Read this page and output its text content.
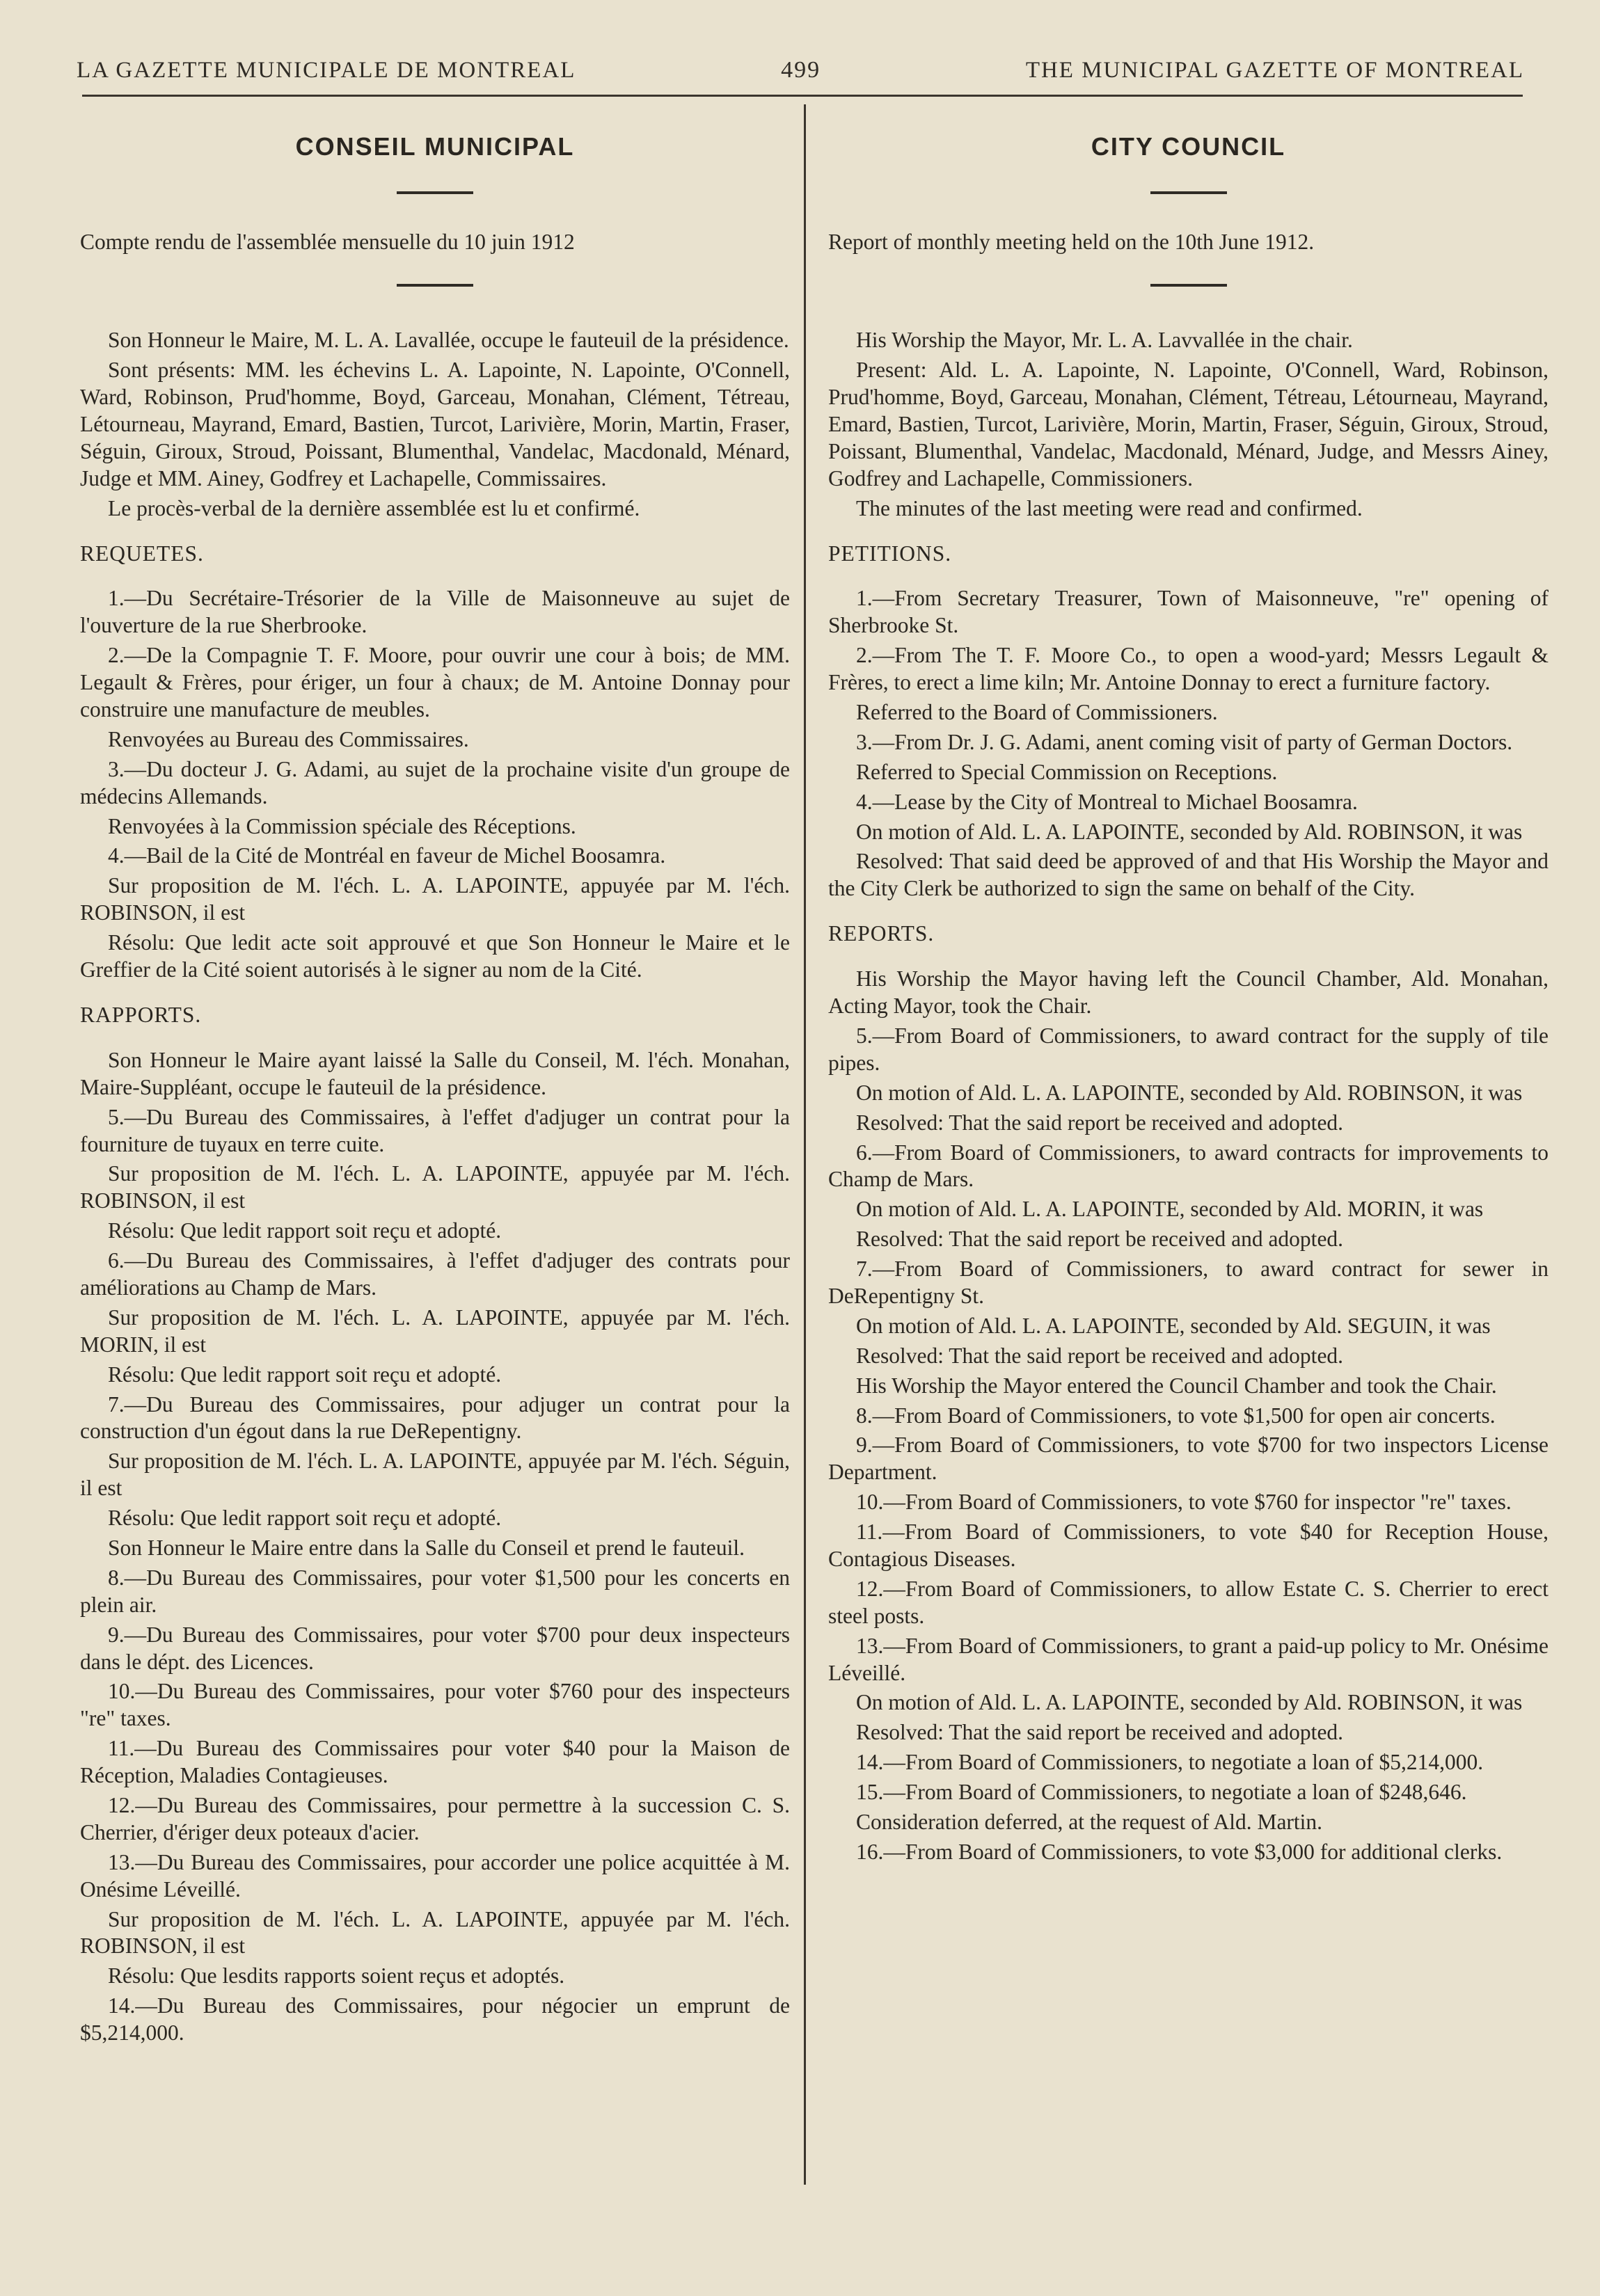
LA GAZETTE MUNICIPALE DE MONTREAL	499	THE MUNICIPAL GAZETTE OF MONTREAL
CONSEIL MUNICIPAL

Compte rendu de l'assemblée mensuelle du 10 juin 1912

Son Honneur le Maire, M. L. A. Lavallée, occupe le fauteuil de la présidence.

Sont présents: MM. les échevins L. A. Lapointe, N. Lapointe, O'Connell, Ward, Robinson, Prud'homme, Boyd, Garceau, Monahan, Clément, Tétreau, Létourneau, Mayrand, Emard, Bastien, Turcot, Larivière, Morin, Martin, Fraser, Séguin, Giroux, Stroud, Poissant, Blumenthal, Vandelac, Macdonald, Ménard, Judge et MM. Ainey, Godfrey et Lachapelle, Commissaires.

Le procès-verbal de la dernière assemblée est lu et confirmé.

REQUETES.

1.—Du Secrétaire-Trésorier de la Ville de Maisonneuve au sujet de l'ouverture de la rue Sherbrooke.

2.—De la Compagnie T. F. Moore, pour ouvrir une cour à bois; de MM. Legault & Frères, pour ériger, un four à chaux; de M. Antoine Donnay pour construire une manufacture de meubles.

Renvoyées au Bureau des Commissaires.

3.—Du docteur J. G. Adami, au sujet de la prochaine visite d'un groupe de médecins Allemands.

Renvoyées à la Commission spéciale des Réceptions.

4.—Bail de la Cité de Montréal en faveur de Michel Boosamra.

Sur proposition de M. l'éch. L. A. LAPOINTE, appuyée par M. l'éch. ROBINSON, il est

Résolu: Que ledit acte soit approuvé et que Son Honneur le Maire et le Greffier de la Cité soient autorisés à le signer au nom de la Cité.

RAPPORTS.

Son Honneur le Maire ayant laissé la Salle du Conseil, M. l'éch. Monahan, Maire-Suppléant, occupe le fauteuil de la présidence.

5.—Du Bureau des Commissaires, à l'effet d'adjuger un contrat pour la fourniture de tuyaux en terre cuite.

Sur proposition de M. l'éch. L. A. LAPOINTE, appuyée par M. l'éch. ROBINSON, il est

Résolu: Que ledit rapport soit reçu et adopté.

6.—Du Bureau des Commissaires, à l'effet d'adjuger des contrats pour améliorations au Champ de Mars.

Sur proposition de M. l'éch. L. A. LAPOINTE, appuyée par M. l'éch. MORIN, il est

Résolu: Que ledit rapport soit reçu et adopté.

7.—Du Bureau des Commissaires, pour adjuger un contrat pour la construction d'un égout dans la rue DeRepentigny.

Sur proposition de M. l'éch. L. A. LAPOINTE, appuyée par M. l'éch. Séguin, il est

Résolu: Que ledit rapport soit reçu et adopté.

Son Honneur le Maire entre dans la Salle du Conseil et prend le fauteuil.

8.—Du Bureau des Commissaires, pour voter $1,500 pour les concerts en plein air.

9.—Du Bureau des Commissaires, pour voter $700 pour deux inspecteurs dans le dépt. des Licences.

10.—Du Bureau des Commissaires, pour voter $760 pour des inspecteurs "re" taxes.

11.—Du Bureau des Commissaires pour voter $40 pour la Maison de Réception, Maladies Contagieuses.

12.—Du Bureau des Commissaires, pour permettre à la succession C. S. Cherrier, d'ériger deux poteaux d'acier.

13.—Du Bureau des Commissaires, pour accorder une police acquittée à M. Onésime Léveillé.

Sur proposition de M. l'éch. L. A. LAPOINTE, appuyée par M. l'éch. ROBINSON, il est

Résolu: Que lesdits rapports soient reçus et adoptés.

14.—Du Bureau des Commissaires, pour négocier un emprunt de $5,214,000.

CITY COUNCIL

Report of monthly meeting held on the 10th June 1912.

His Worship the Mayor, Mr. L. A. Lavvallée in the chair.

Present: Ald. L. A. Lapointe, N. Lapointe, O'Connell, Ward, Robinson, Prud'homme, Boyd, Garceau, Monahan, Clément, Tétreau, Létourneau, Mayrand, Emard, Bastien, Turcot, Larivière, Morin, Martin, Fraser, Séguin, Giroux, Stroud, Poissant, Blumenthal, Vandelac, Macdonald, Ménard, Judge, and Messrs Ainey, Godfrey and Lachapelle, Commissioners.

The minutes of the last meeting were read and confirmed.

PETITIONS.

1.—From Secretary Treasurer, Town of Maisonneuve, "re" opening of Sherbrooke St.

2.—From The T. F. Moore Co., to open a wood-yard; Messrs Legault & Frères, to erect a lime kiln; Mr. Antoine Donnay to erect a furniture factory.

Referred to the Board of Commissioners.

3.—From Dr. J. G. Adami, anent coming visit of party of German Doctors.

Referred to Special Commission on Receptions.

4.—Lease by the City of Montreal to Michael Boosamra.

On motion of Ald. L. A. LAPOINTE, seconded by Ald. ROBINSON, it was

Resolved: That said deed be approved of and that His Worship the Mayor and the City Clerk be authorized to sign the same on behalf of the City.

REPORTS.

His Worship the Mayor having left the Council Chamber, Ald. Monahan, Acting Mayor, took the Chair.

5.—From Board of Commissioners, to award contract for the supply of tile pipes.

On motion of Ald. L. A. LAPOINTE, seconded by Ald. ROBINSON, it was

Resolved: That the said report be received and adopted.

6.—From Board of Commissioners, to award contracts for improvements to Champ de Mars.

On motion of Ald. L. A. LAPOINTE, seconded by Ald. MORIN, it was

Resolved: That the said report be received and adopted.

7.—From Board of Commissioners, to award contract for sewer in DeRepentigny St.

On motion of Ald. L. A. LAPOINTE, seconded by Ald. SEGUIN, it was

Resolved: That the said report be received and adopted.

His Worship the Mayor entered the Council Chamber and took the Chair.

8.—From Board of Commissioners, to vote $1,500 for open air concerts.

9.—From Board of Commissioners, to vote $700 for two inspectors License Department.

10.—From Board of Commissioners, to vote $760 for inspector "re" taxes.

11.—From Board of Commissioners, to vote $40 for Reception House, Contagious Diseases.

12.—From Board of Commissioners, to allow Estate C. S. Cherrier to erect steel posts.

13.—From Board of Commissioners, to grant a paid-up policy to Mr. Onésime Léveillé.

On motion of Ald. L. A. LAPOINTE, seconded by Ald. ROBINSON, it was

Resolved: That the said report be received and adopted.

14.—From Board of Commissioners, to negotiate a loan of $5,214,000.

15.—From Board of Commissioners, to negotiate a loan of $248,646.

Consideration deferred, at the request of Ald. Martin.

16.—From Board of Commissioners, to vote $3,000 for additional clerks.
